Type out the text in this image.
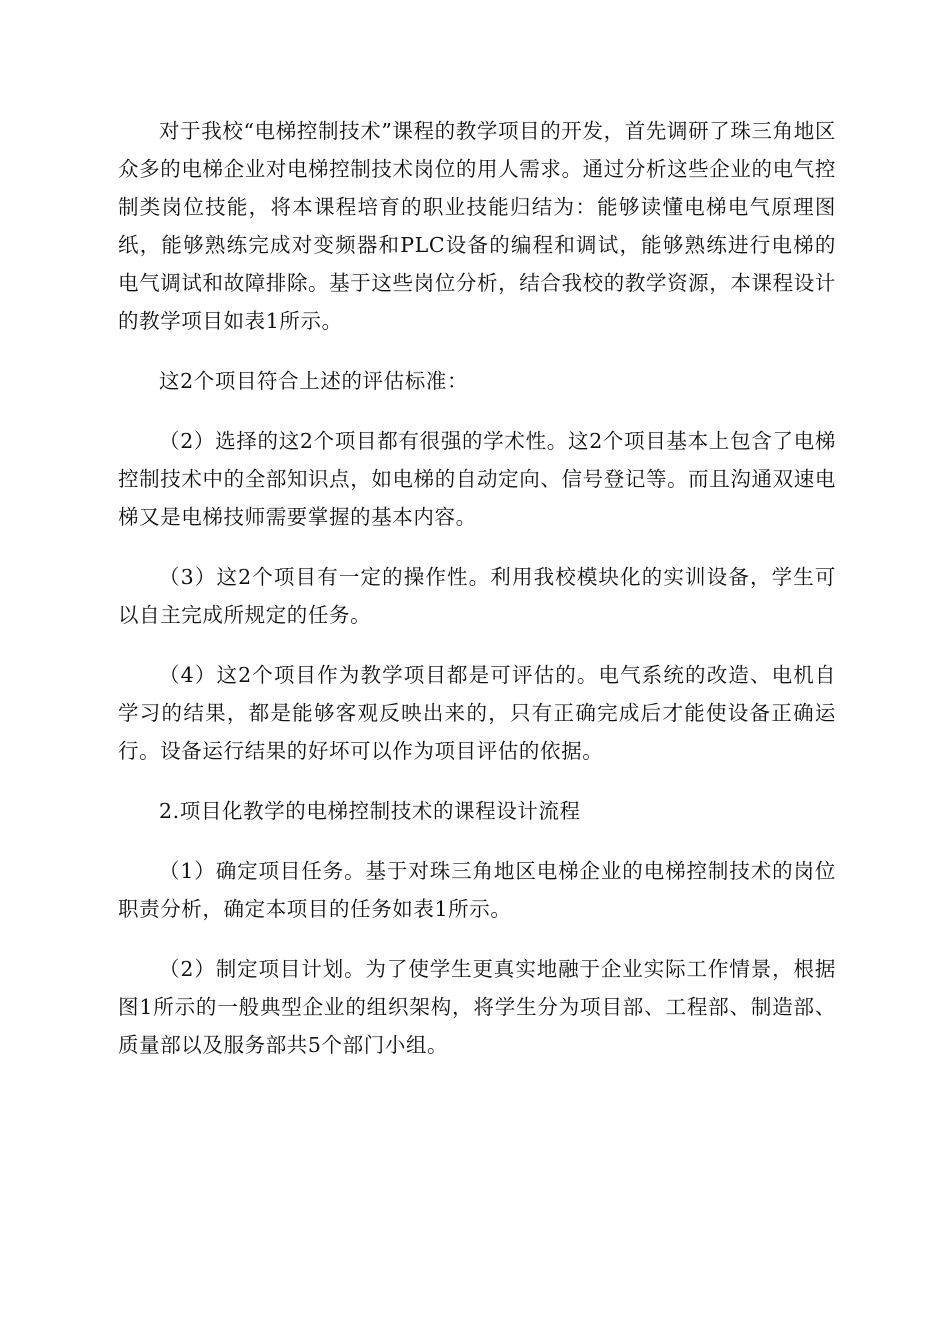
对于我校“电梯控制技术”课程的教学项目的开发，首先调研了珠三角地区众多的电梯企业对电梯控制技术岗位的用人需求。通过分析这些企业的电气控制类岗位技能，将本课程培育的职业技能归结为：能够读懂电梯电气原理图纸，能够熟练完成对变频器和PLC设备的编程和调试，能够熟练进行电梯的电气调试和故障排除。基于这些岗位分析，结合我校的教学资源，本课程设计的教学项目如表1所示。

这2个项目符合上述的评估标准：

（2）选择的这2个项目都有很强的学术性。这2个项目基本上包含了电梯控制技术中的全部知识点，如电梯的自动定向、信号登记等。而且沟通双速电梯又是电梯技师需要掌握的基本内容。

（3）这2个项目有一定的操作性。利用我校模块化的实训设备，学生可以自主完成所规定的任务。

（4）这2个项目作为教学项目都是可评估的。电气系统的改造、电机自学习的结果，都是能够客观反映出来的，只有正确完成后才能使设备正确运行。设备运行结果的好坏可以作为项目评估的依据。

2.项目化教学的电梯控制技术的课程设计流程

（1）确定项目任务。基于对珠三角地区电梯企业的电梯控制技术的岗位职责分析，确定本项目的任务如表1所示。

（2）制定项目计划。为了使学生更真实地融于企业实际工作情景，根据图1所示的一般典型企业的组织架构，将学生分为项目部、工程部、制造部、质量部以及服务部共5个部门小组。
